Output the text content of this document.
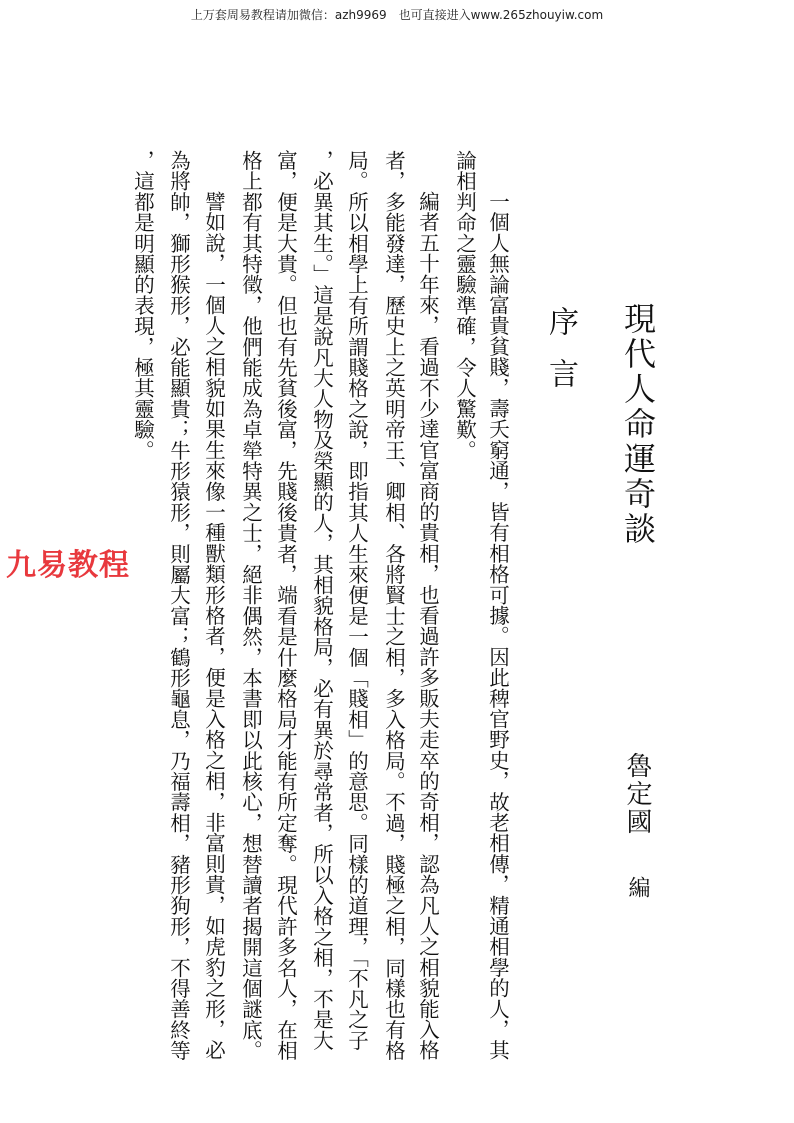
上万套周易教程请加微信：azh9969　也可直接进入www.265zhouyiw.com
現代人命運奇談
序言
魯定國
編
一個人無論富貴貧賤，壽夭窮通，皆有相格可據。因此稗官野史，故老相傳，精通相學的人，其
論相判命之靈驗準確，令人驚歎。
編者五十年來，看過不少達官富商的貴相，也看過許多販夫走卒的奇相，認為凡人之相貌能入格
者，多能發達，歷史上之英明帝王、卿相、各將賢士之相，多入格局。不過，賤極之相，同樣也有格
局。所以相學上有所謂賤格之說，即指其人生來便是一個「賤相」的意思。同樣的道理，「不凡之子
，必異其生。」這是說凡大人物及榮顯的人，其相貌格局，必有異於尋常者，所以入格之相，不是大
富，便是大貴。但也有先貧後富，先賤後貴者，端看是什麼格局才能有所定奪。現代許多名人，在相
格上都有其特徵，他們能成為卓犖特異之士，絕非偶然，本書即以此核心，想替讀者揭開這個謎底。
譬如說，一個人之相貌如果生來像一種獸類形格者，便是入格之相，非富則貴，如虎豹之形，必
為將帥，獅形猴形，必能顯貴；牛形猿形，則屬大富；鶴形龜息，乃福壽相，豬形狗形，不得善終等
，這都是明顯的表現，極其靈驗。
九易教程
